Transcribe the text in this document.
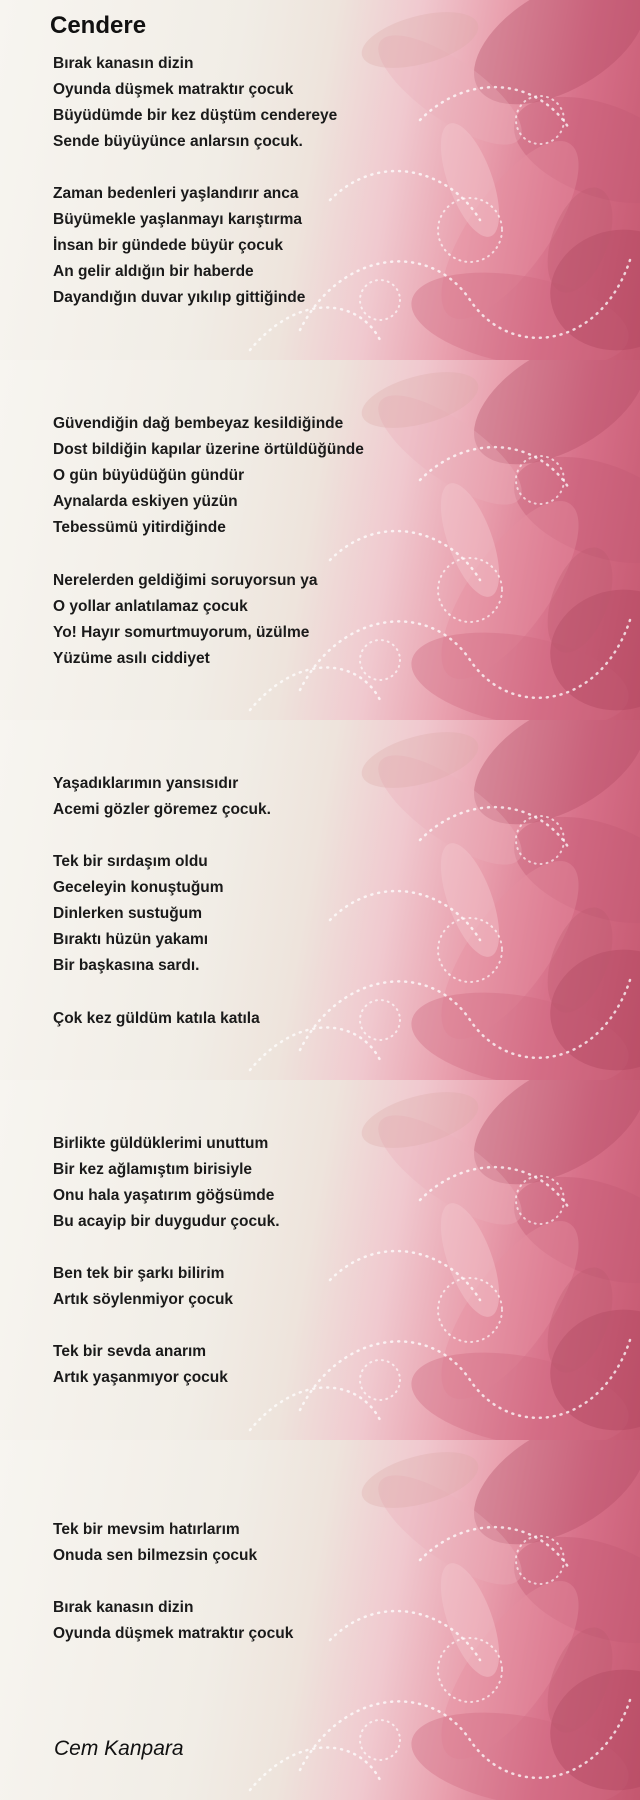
Cendere
Bırak kanasın dizin
Oyunda düşmek matraktır çocuk
Büyüdümde bir kez düştüm cendereye
Sende büyüyünce anlarsın çocuk.
Zaman bedenleri yaşlandırır anca
Büyümekle yaşlanmayı karıştırma
İnsan bir gündede büyür çocuk
An gelir aldığın bir haberde
Dayandığın duvar yıkılıp gittiğinde
Güvendiğin dağ bembeyaz kesildiğinde
Dost bildiğin kapılar üzerine örtüldüğünde
O gün büyüdüğün gündür
Aynalarda eskiyen yüzün
Tebessümü yitirdiğinde
Nerelerden geldiğimi soruyorsun ya
O yollar anlatılamaz çocuk
Yo! Hayır somurtmuyorum, üzülme
Yüzüme asılı ciddiyet
Yaşadıklarımın yansısıdır
Acemi gözler göremez çocuk.
Tek bir sırdaşım oldu
Geceleyin konuştuğum
Dinlerken sustuğum
Bıraktı hüzün yakamı
Bir başkasına sardı.
Çok kez güldüm katıla katıla
Birlikte güldüklerimi unuttum
Bir kez ağlamıştım birisiyle
Onu hala yaşatırım göğsümde
Bu acayip bir duygudur çocuk.
Ben tek bir şarkı bilirim
Artık söylenmiyor çocuk
Tek bir sevda anarım
Artık yaşanmıyor çocuk
Tek bir mevsim hatırlarım
Onuda sen bilmezsin çocuk
Bırak kanasın dizin
Oyunda düşmek matraktır çocuk
Cem Kanpara
